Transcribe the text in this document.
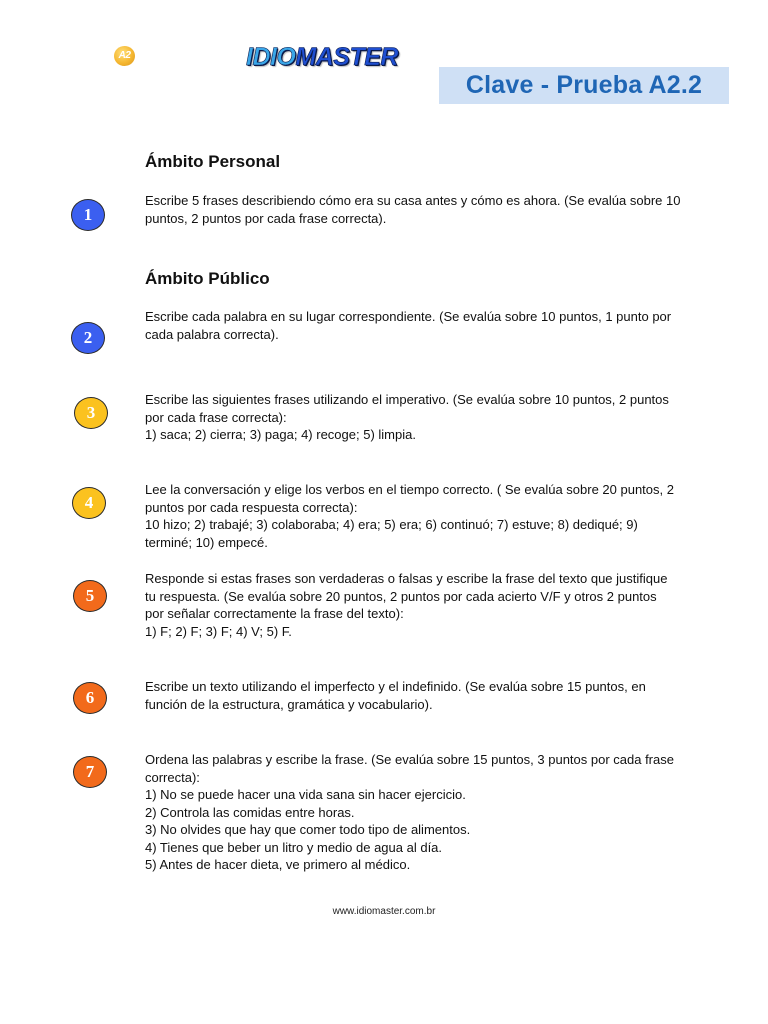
A2	IDIOMASTER
Clave - Prueba A2.2
Ámbito Personal
1

Escribe 5 frases describiendo cómo era su casa antes y cómo es ahora. (Se evalúa sobre 10

puntos, 2 puntos por cada frase correcta).

Ámbito Público
2

Escribe cada palabra en su lugar correspondiente. (Se evalúa sobre 10 puntos, 1 punto por

cada palabra correcta).

3

Escribe las siguientes frases utilizando el imperativo. (Se evalúa sobre 10 puntos, 2 puntos

por cada frase correcta):

1) saca; 2) cierra; 3) paga; 4) recoge; 5) limpia.

4

Lee la conversación y elige los verbos en el tiempo correcto. ( Se evalúa sobre 20 puntos, 2

puntos por cada respuesta correcta):

10 hizo; 2) trabajé; 3) colaboraba; 4) era; 5) era; 6) continuó; 7) estuve; 8) dediqué; 9)

terminé; 10) empecé.

5

Responde si estas frases son verdaderas o falsas y escribe la frase del texto que justifique

tu respuesta. (Se evalúa sobre 20 puntos, 2 puntos por cada acierto V/F y otros 2 puntos

por señalar correctamente la frase del texto):

1) F; 2) F; 3) F; 4) V; 5) F.

6

Escribe un texto utilizando el imperfecto y el indefinido. (Se evalúa sobre 15 puntos, en

función de la estructura, gramática y vocabulario).

7

Ordena las palabras y escribe la frase. (Se evalúa sobre 15 puntos, 3 puntos por cada frase

correcta):

1) No se puede hacer una vida sana sin hacer ejercicio.

2) Controla las comidas entre horas.

3) No olvides que hay que comer todo tipo de alimentos.

4) Tienes que beber un litro y medio de agua al día.

5) Antes de hacer dieta, ve primero al médico.

www.idiomaster.com.br
